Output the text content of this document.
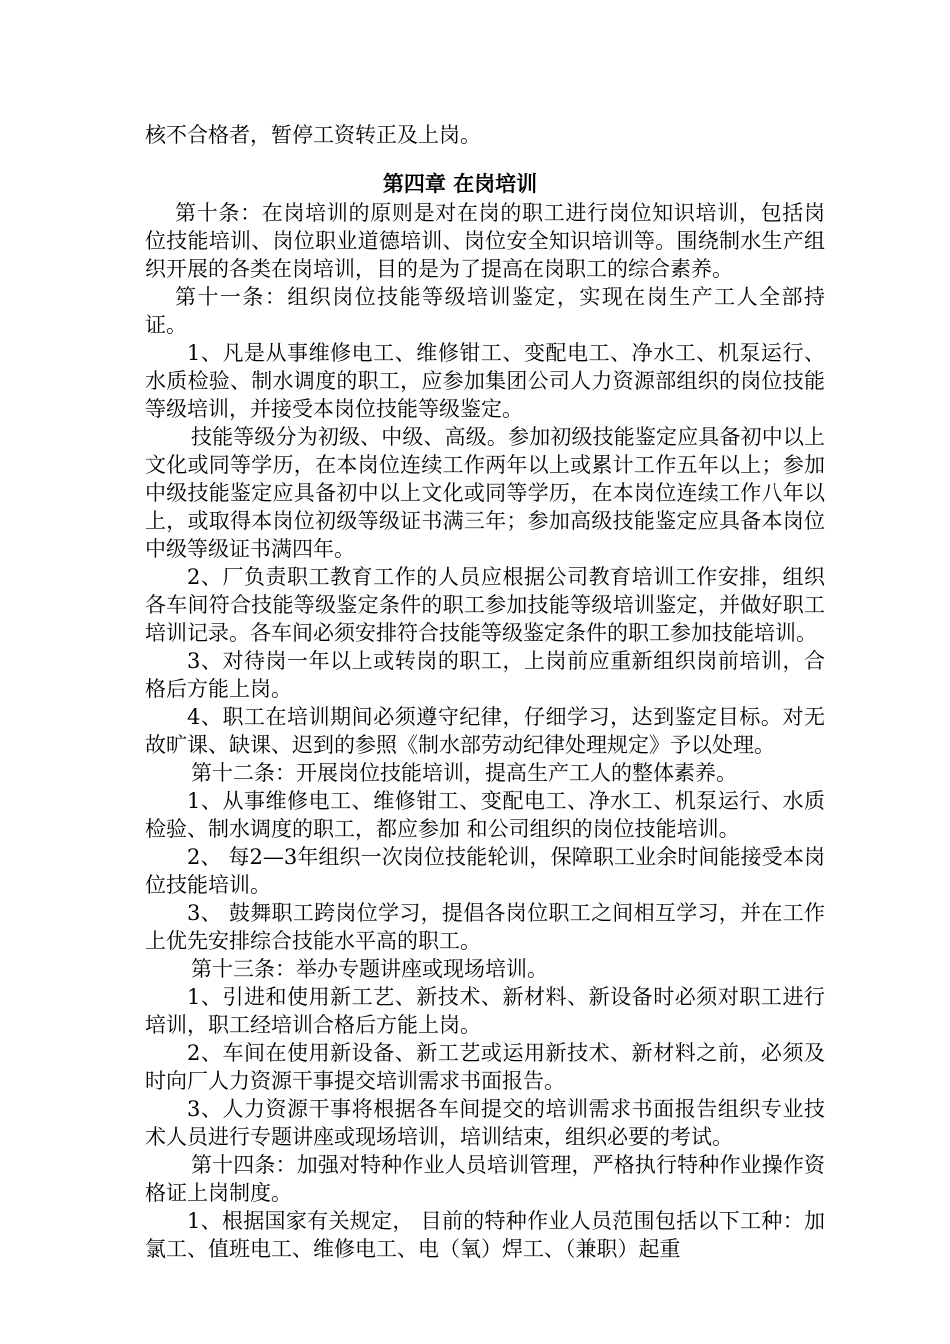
核不合格者，暂停工资转正及上岗。

第四章 在岗培训

第十条：在岗培训的原则是对在岗的职工进行岗位知识培训，包括岗位技能培训、岗位职业道德培训、岗位安全知识培训等。围绕制水生产组织开展的各类在岗培训，目的是为了提高在岗职工的综合素养。

第十一条：组织岗位技能等级培训鉴定，实现在岗生产工人全部持证。

1、凡是从事维修电工、维修钳工、变配电工、净水工、机泵运行、水质检验、制水调度的职工，应参加集团公司人力资源部组织的岗位技能等级培训，并接受本岗位技能等级鉴定。

技能等级分为初级、中级、高级。参加初级技能鉴定应具备初中以上文化或同等学历，在本岗位连续工作两年以上或累计工作五年以上；参加中级技能鉴定应具备初中以上文化或同等学历，在本岗位连续工作八年以上，或取得本岗位初级等级证书满三年；参加高级技能鉴定应具备本岗位中级等级证书满四年。

2、厂负责职工教育工作的人员应根据公司教育培训工作安排，组织各车间符合技能等级鉴定条件的职工参加技能等级培训鉴定，并做好职工培训记录。各车间必须安排符合技能等级鉴定条件的职工参加技能培训。

3、对待岗一年以上或转岗的职工，上岗前应重新组织岗前培训，合格后方能上岗。

4、职工在培训期间必须遵守纪律，仔细学习，达到鉴定目标。对无故旷课、缺课、迟到的参照《制水部劳动纪律处理规定》予以处理。

第十二条：开展岗位技能培训，提高生产工人的整体素养。

1、从事维修电工、维修钳工、变配电工、净水工、机泵运行、水质检验、制水调度的职工，都应参加 和公司组织的岗位技能培训。

2、 每2—3年组织一次岗位技能轮训，保障职工业余时间能接受本岗位技能培训。

3、 鼓舞职工跨岗位学习，提倡各岗位职工之间相互学习，并在工作上优先安排综合技能水平高的职工。

第十三条：举办专题讲座或现场培训。

1、引进和使用新工艺、新技术、新材料、新设备时必须对职工进行培训，职工经培训合格后方能上岗。

2、车间在使用新设备、新工艺或运用新技术、新材料之前，必须及时向厂人力资源干事提交培训需求书面报告。

3、人力资源干事将根据各车间提交的培训需求书面报告组织专业技术人员进行专题讲座或现场培训，培训结束，组织必要的考试。

第十四条：加强对特种作业人员培训管理，严格执行特种作业操作资格证上岗制度。

1、根据国家有关规定， 目前的特种作业人员范围包括以下工种：加氯工、值班电工、维修电工、电（氧）焊工、（兼职）起重
